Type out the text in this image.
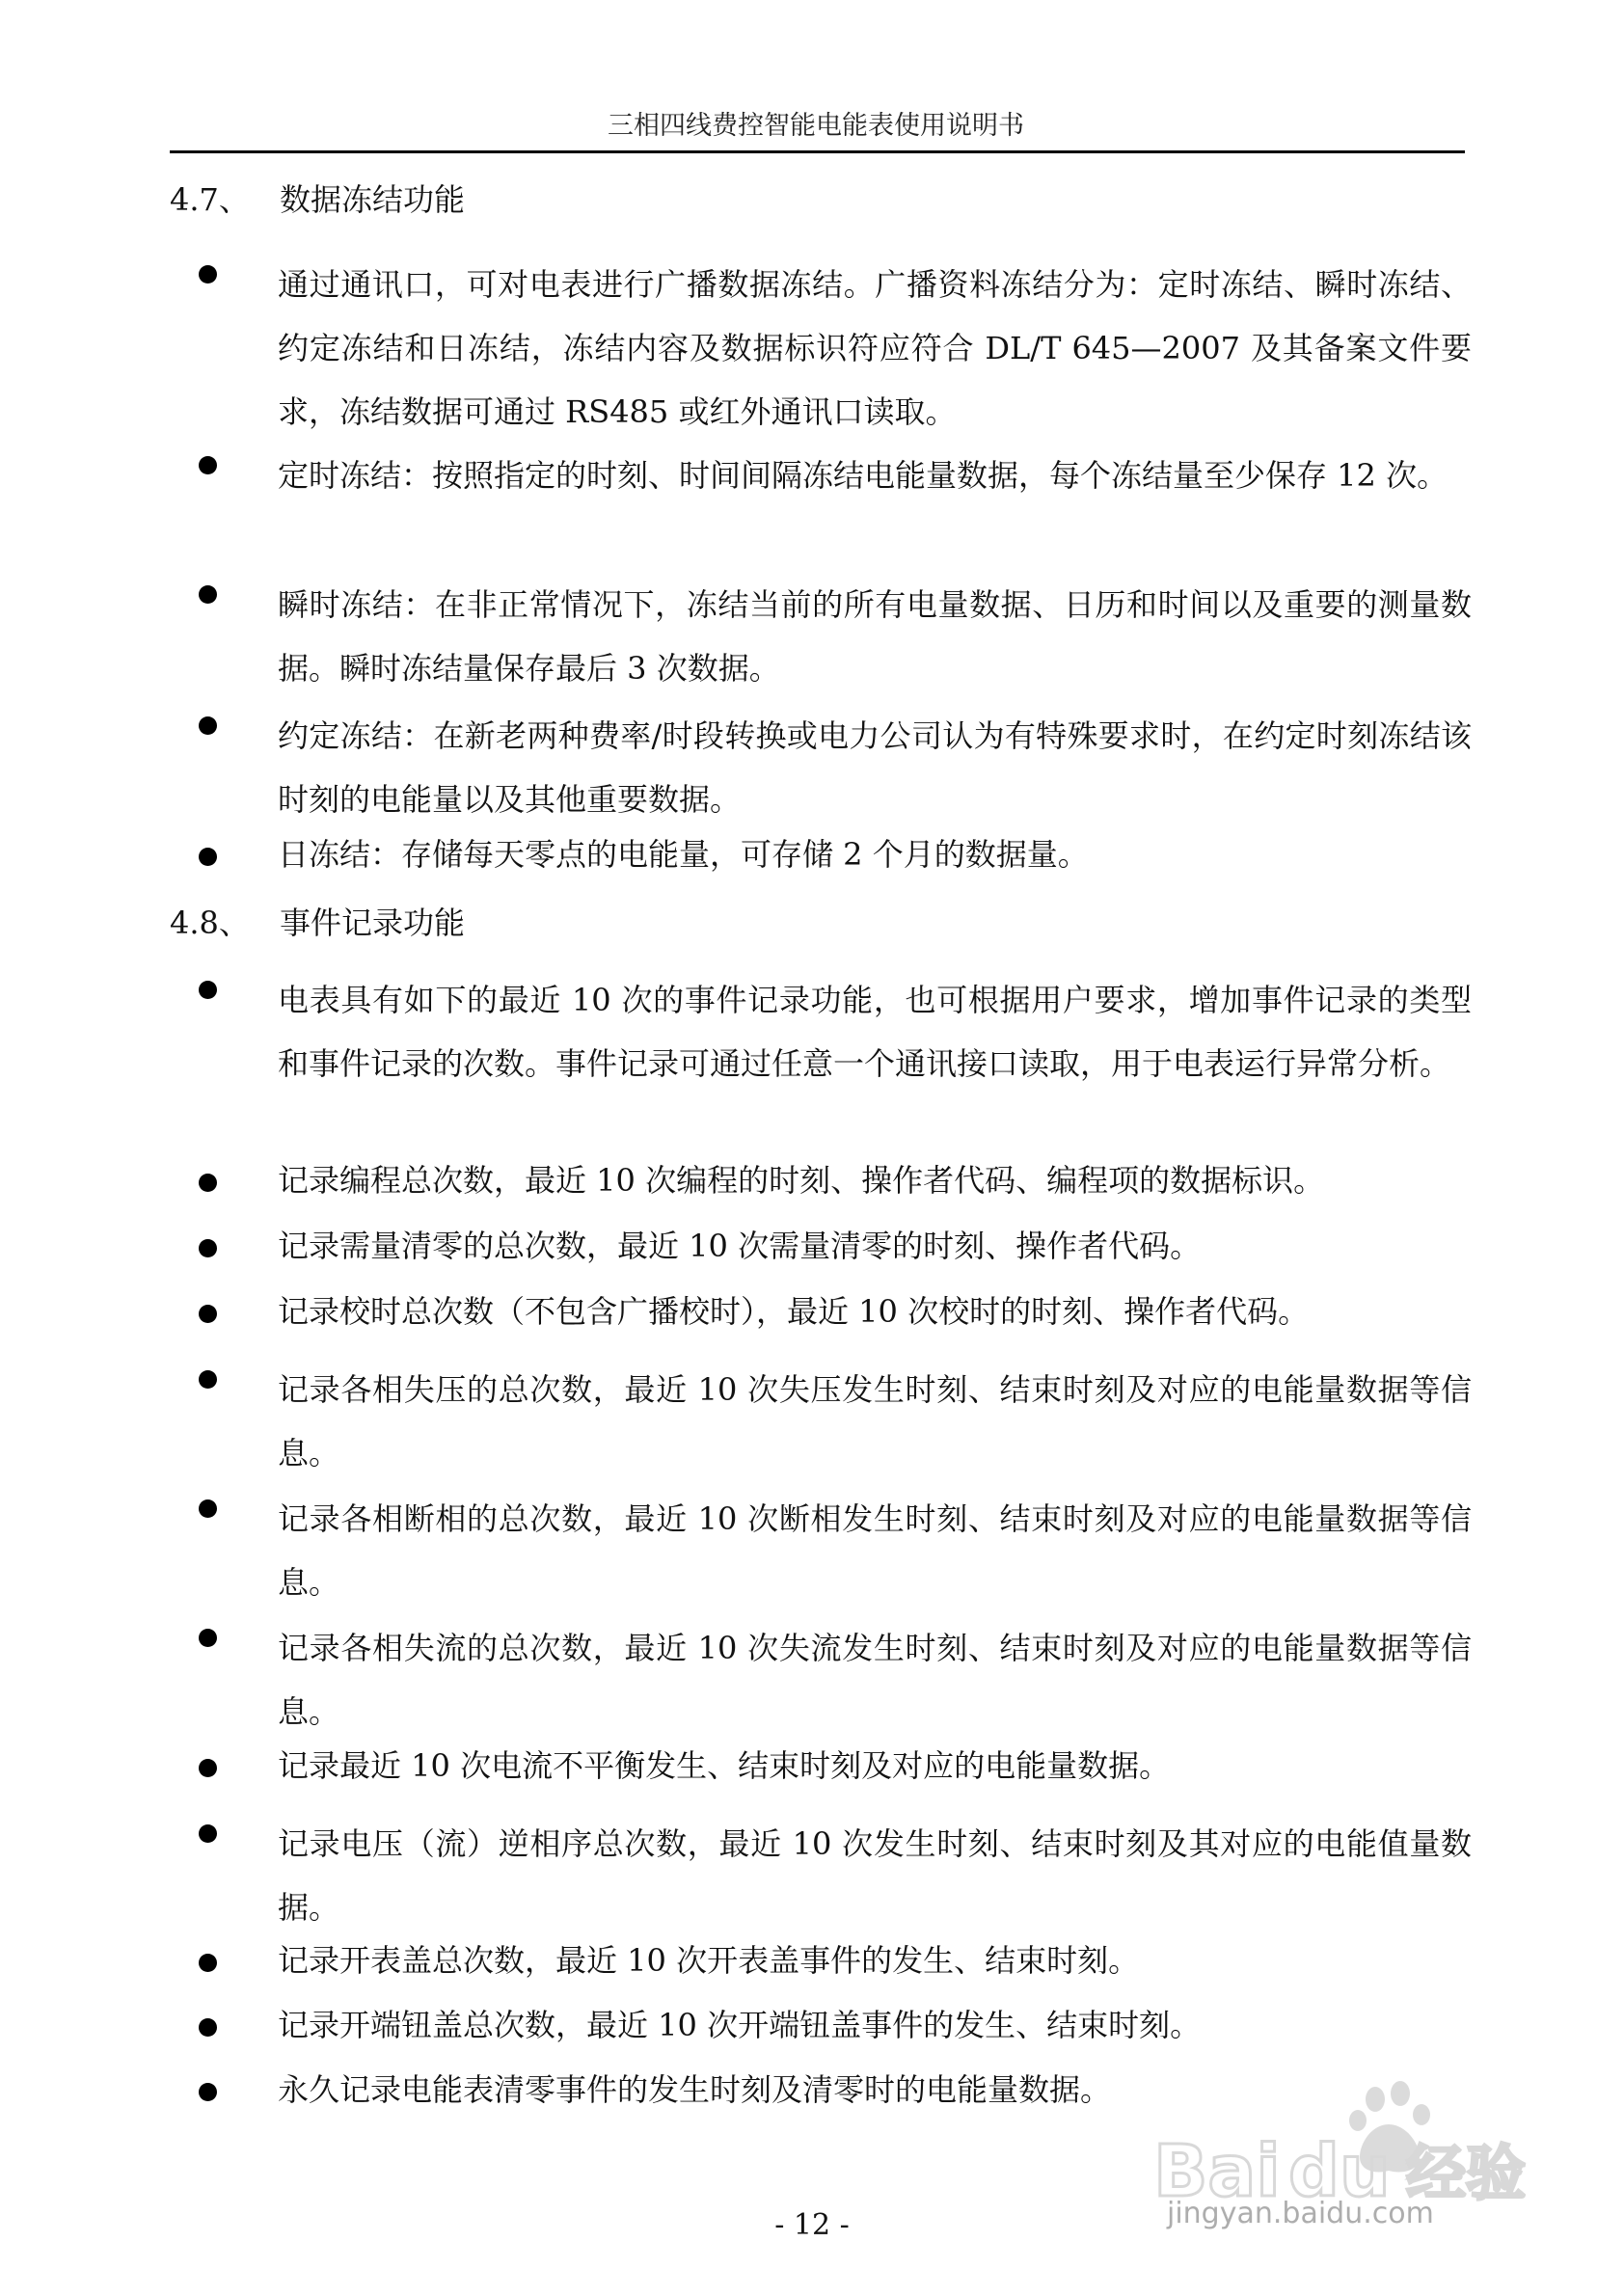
三相四线费控智能电能表使用说明书
4.7、 数据冻结功能
通过通讯口，可对电表进行广播数据冻结。广播资料冻结分为：定时冻结、瞬时冻结、约定冻结和日冻结，冻结内容及数据标识符应符合 DL/T 645—2007 及其备案文件要求，冻结数据可通过 RS485 或红外通讯口读取。
定时冻结：按照指定的时刻、时间间隔冻结电能量数据，每个冻结量至少保存 12 次。
瞬时冻结：在非正常情况下，冻结当前的所有电量数据、日历和时间以及重要的测量数据。瞬时冻结量保存最后 3 次数据。
约定冻结：在新老两种费率/时段转换或电力公司认为有特殊要求时，在约定时刻冻结该时刻的电能量以及其他重要数据。
日冻结：存储每天零点的电能量，可存储 2 个月的数据量。
4.8、 事件记录功能
电表具有如下的最近 10 次的事件记录功能，也可根据用户要求，增加事件记录的类型和事件记录的次数。事件记录可通过任意一个通讯接口读取，用于电表运行异常分析。
记录编程总次数，最近 10 次编程的时刻、操作者代码、编程项的数据标识。
记录需量清零的总次数，最近 10 次需量清零的时刻、操作者代码。
记录校时总次数（不包含广播校时），最近 10 次校时的时刻、操作者代码。
记录各相失压的总次数，最近 10 次失压发生时刻、结束时刻及对应的电能量数据等信息。
记录各相断相的总次数，最近 10 次断相发生时刻、结束时刻及对应的电能量数据等信息。
记录各相失流的总次数，最近 10 次失流发生时刻、结束时刻及对应的电能量数据等信息。
记录最近 10 次电流不平衡发生、结束时刻及对应的电能量数据。
记录电压（流）逆相序总次数，最近 10 次发生时刻、结束时刻及其对应的电能值量数据。
记录开表盖总次数，最近 10 次开表盖事件的发生、结束时刻。
记录开端钮盖总次数，最近 10 次开端钮盖事件的发生、结束时刻。
永久记录电能表清零事件的发生时刻及清零时的电能量数据。
Bai du 经验
jingyan.baidu.com
- 12 -
